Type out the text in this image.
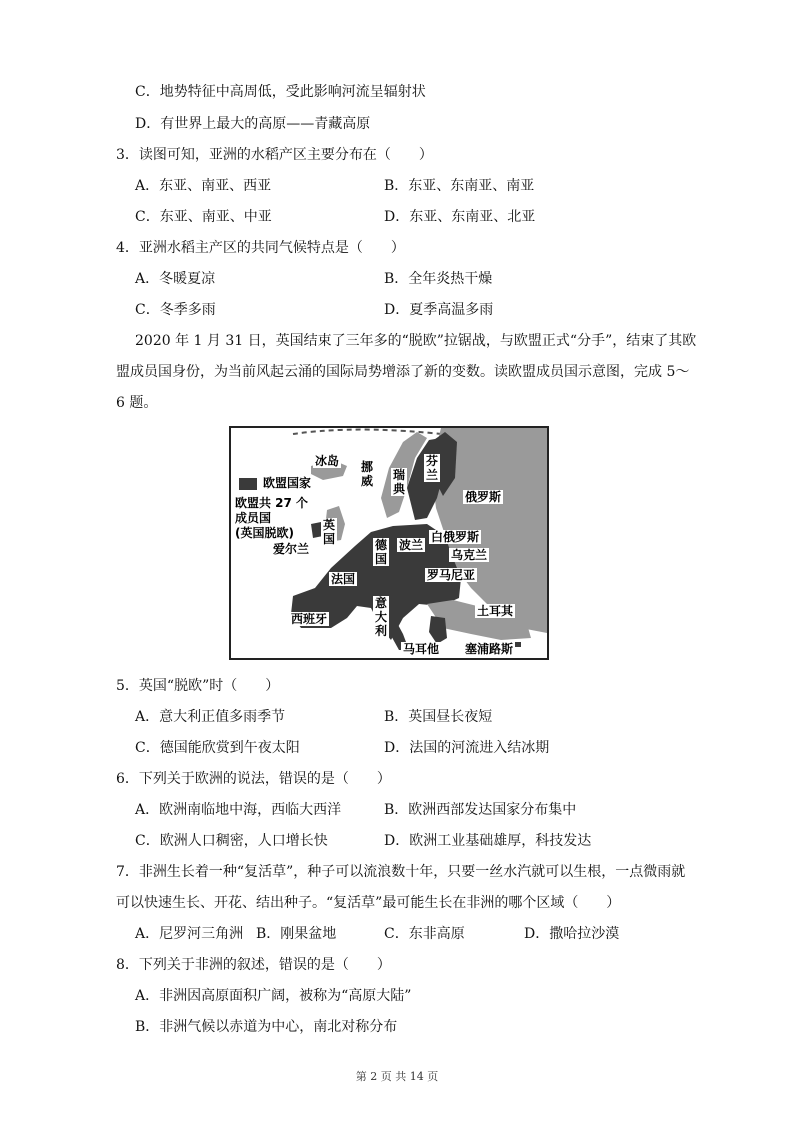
C．地势特征中高周低，受此影响河流呈辐射状
D．有世界上最大的高原——青藏高原
3．读图可知，亚洲的水稻产区主要分布在（　　）
A．东亚、南亚、西亚	B．东亚、东南亚、南亚
C．东亚、南亚、中亚	D．东亚、东南亚、北亚
4．亚洲水稻主产区的共同气候特点是（　　）
A．冬暖夏凉	B．全年炎热干燥
C．冬季多雨	D．夏季高温多雨
2020 年 1 月 31 日，英国结束了三年多的“脱欧”拉锯战，与欧盟正式“分手”，结束了其欧
盟成员国身份，为当前风起云涌的国际局势增添了新的变数。读欧盟成员国示意图，完成 5～
6 题。
欧盟国家
欧盟共 27 个
成员国
(英国脱欧)
冰岛 挪威 瑞典
芬兰
俄罗斯
英国
爱尔兰	德国
波兰
白俄罗斯
乌克兰
法国	罗马尼亚
西班牙
意大利
土耳其
马耳他 塞浦路斯
5．英国“脱欧”时（　　）
A．意大利正值多雨季节	B．英国昼长夜短
C．德国能欣赏到午夜太阳	D．法国的河流进入结冰期
6．下列关于欧洲的说法，错误的是（　　）
A．欧洲南临地中海，西临大西洋	B．欧洲西部发达国家分布集中
C．欧洲人口稠密，人口增长快	D．欧洲工业基础雄厚，科技发达
7．非洲生长着一种“复活草”，种子可以流浪数十年，只要一丝水汽就可以生根，一点微雨就
可以快速生长、开花、结出种子。“复活草”最可能生长在非洲的哪个区域（　　）
A．尼罗河三角洲 B．刚果盆地	C．东非高原	D．撒哈拉沙漠
8．下列关于非洲的叙述，错误的是（　　）
A．非洲因高原面积广阔，被称为“高原大陆”
B．非洲气候以赤道为中心，南北对称分布
第 2 页 共 14 页
